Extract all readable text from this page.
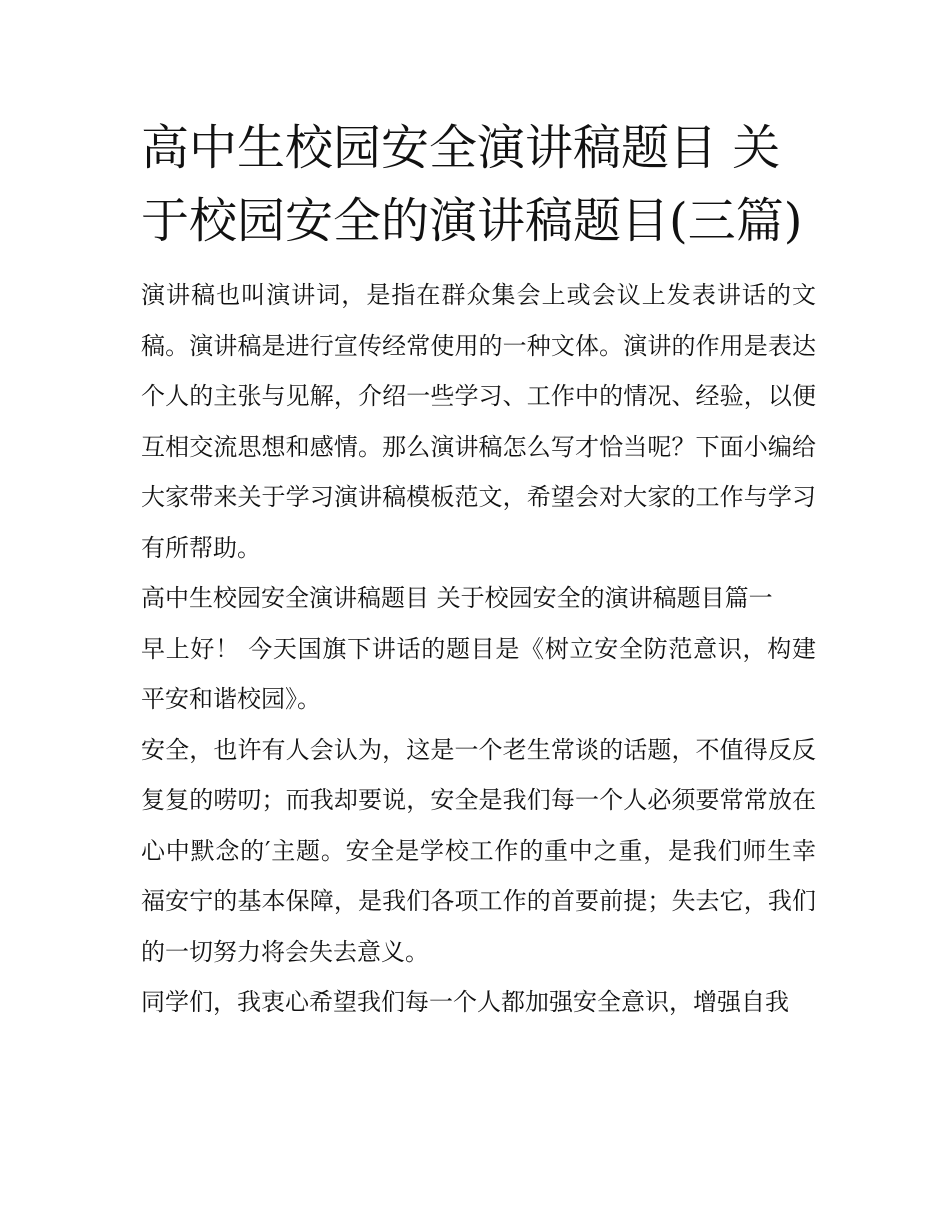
高中生校园安全演讲稿题目 关于校园安全的演讲稿题目(三篇)

演讲稿也叫演讲词，是指在群众集会上或会议上发表讲话的文稿。演讲稿是进行宣传经常使用的一种文体。演讲的作用是表达个人的主张与见解，介绍一些学习、工作中的情况、经验，以便互相交流思想和感情。那么演讲稿怎么写才恰当呢？下面小编给大家带来关于学习演讲稿模板范文，希望会对大家的工作与学习有所帮助。

高中生校园安全演讲稿题目 关于校园安全的演讲稿题目篇一

早上好！ 今天国旗下讲话的题目是《树立安全防范意识，构建平安和谐校园》。

安全，也许有人会认为，这是一个老生常谈的话题，不值得反反复复的唠叨；而我却要说，安全是我们每一个人必须要常常放在心中默念的′主题。安全是学校工作的重中之重，是我们师生幸福安宁的基本保障，是我们各项工作的首要前提；失去它，我们的一切努力将会失去意义。

同学们，我衷心希望我们每一个人都加强安全意识，增强自我
